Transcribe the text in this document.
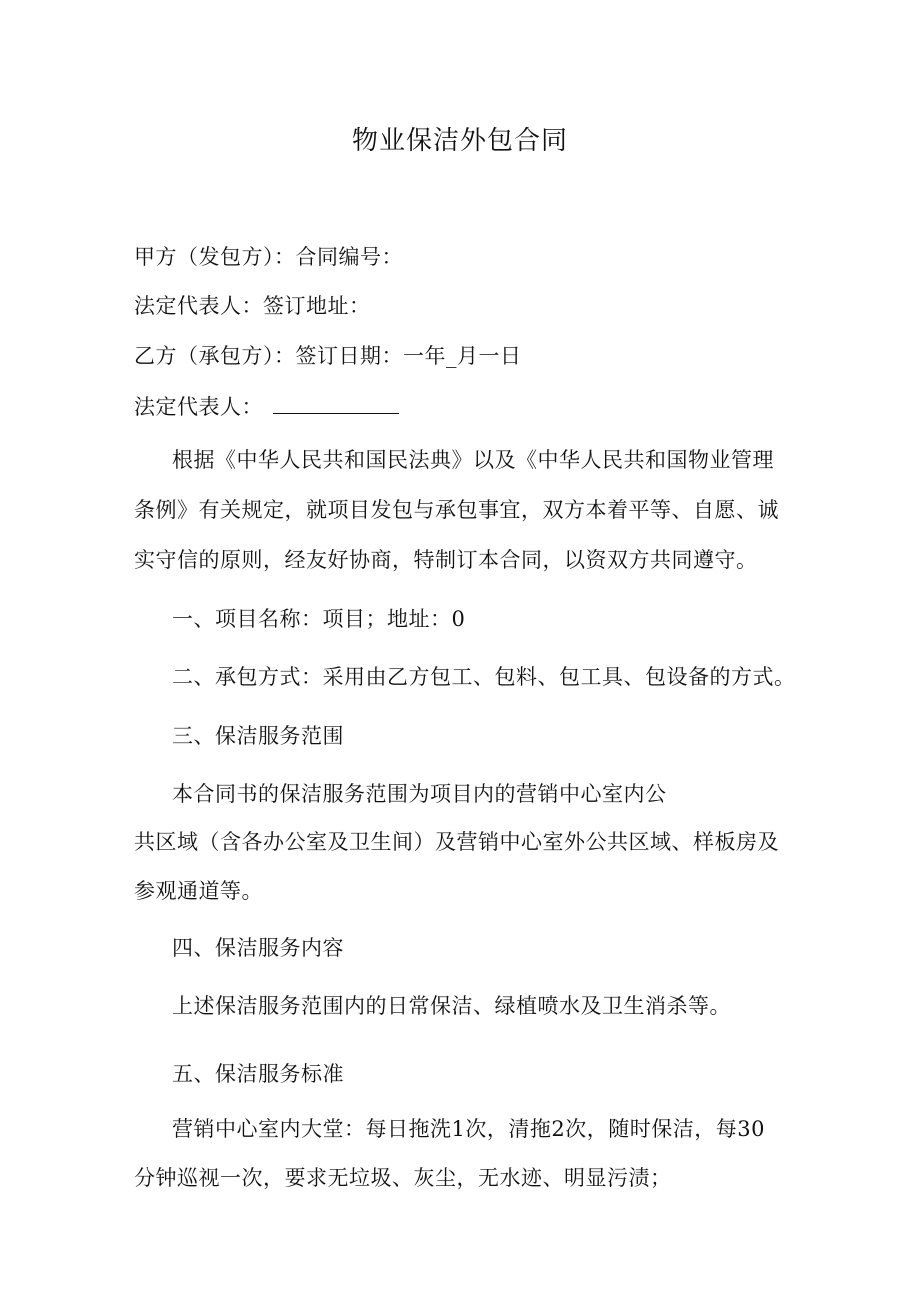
物业保洁外包合同
甲方（发包方）：合同编号：
法定代表人：签订地址：
乙方（承包方）：签订日期：一年_月一日
法定代表人：
根据《中华人民共和国民法典》以及《中华人民共和国物业管理
条例》有关规定，就项目发包与承包事宜，双方本着平等、自愿、诚
实守信的原则，经友好协商，特制订本合同，以资双方共同遵守。
一、项目名称：项目；地址：0
二、承包方式：采用由乙方包工、包料、包工具、包设备的方式。
三、保洁服务范围
本合同书的保洁服务范围为项目内的营销中心室内公
共区域（含各办公室及卫生间）及营销中心室外公共区域、样板房及
参观通道等。
四、保洁服务内容
上述保洁服务范围内的日常保洁、绿植喷水及卫生消杀等。
五、保洁服务标准
营销中心室内大堂：每日拖洗1次，清拖2次，随时保洁，每30
分钟巡视一次，要求无垃圾、灰尘，无水迹、明显污渍；
